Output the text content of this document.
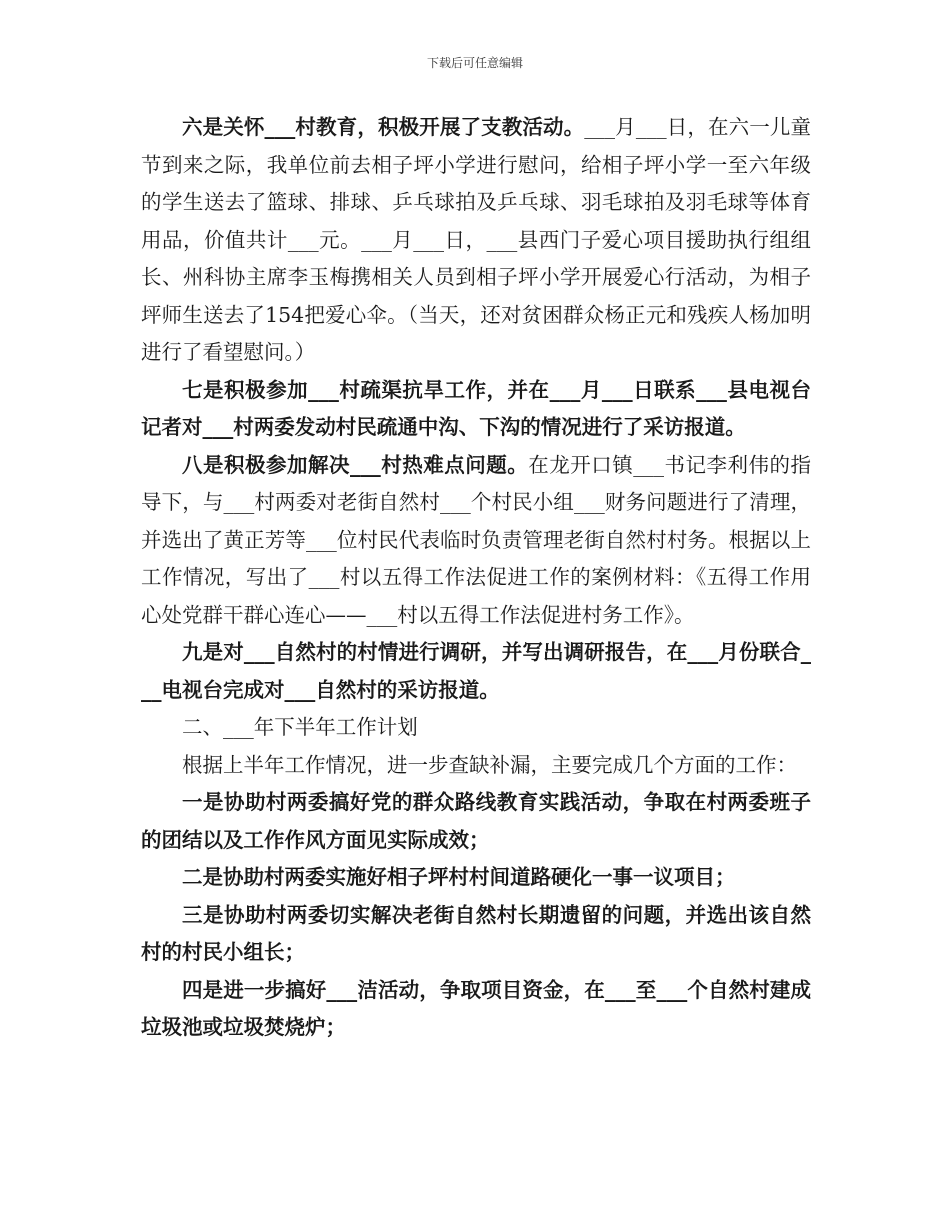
下载后可任意编辑

六是关怀___村教育，积极开展了支教活动。___月___日，在六一儿童节到来之际，我单位前去相子坪小学进行慰问，给相子坪小学一至六年级的学生送去了篮球、排球、乒乓球拍及乒乓球、羽毛球拍及羽毛球等体育用品，价值共计___元。___月___日，___县西门子爱心项目援助执行组组长、州科协主席李玉梅携相关人员到相子坪小学开展爱心行活动，为相子坪师生送去了154把爱心伞。（当天，还对贫困群众杨正元和残疾人杨加明进行了看望慰问。）

七是积极参加___村疏渠抗旱工作，并在___月___日联系___县电视台记者对___村两委发动村民疏通中沟、下沟的情况进行了采访报道。

八是积极参加解决___村热难点问题。在龙开口镇___书记李利伟的指导下，与___村两委对老街自然村___个村民小组___财务问题进行了清理，并选出了黄正芳等___位村民代表临时负责管理老街自然村村务。根据以上工作情况，写出了___村以五得工作法促进工作的案例材料：《五得工作用心处党群干群心连心——___村以五得工作法促进村务工作》。

九是对___自然村的村情进行调研，并写出调研报告，在___月份联合___电视台完成对___自然村的采访报道。

二、___年下半年工作计划

根据上半年工作情况，进一步查缺补漏，主要完成几个方面的工作：

一是协助村两委搞好党的群众路线教育实践活动，争取在村两委班子的团结以及工作作风方面见实际成效；

二是协助村两委实施好相子坪村村间道路硬化一事一议项目；

三是协助村两委切实解决老街自然村长期遗留的问题，并选出该自然村的村民小组长；

四是进一步搞好___洁活动，争取项目资金，在___至___个自然村建成垃圾池或垃圾焚烧炉；
